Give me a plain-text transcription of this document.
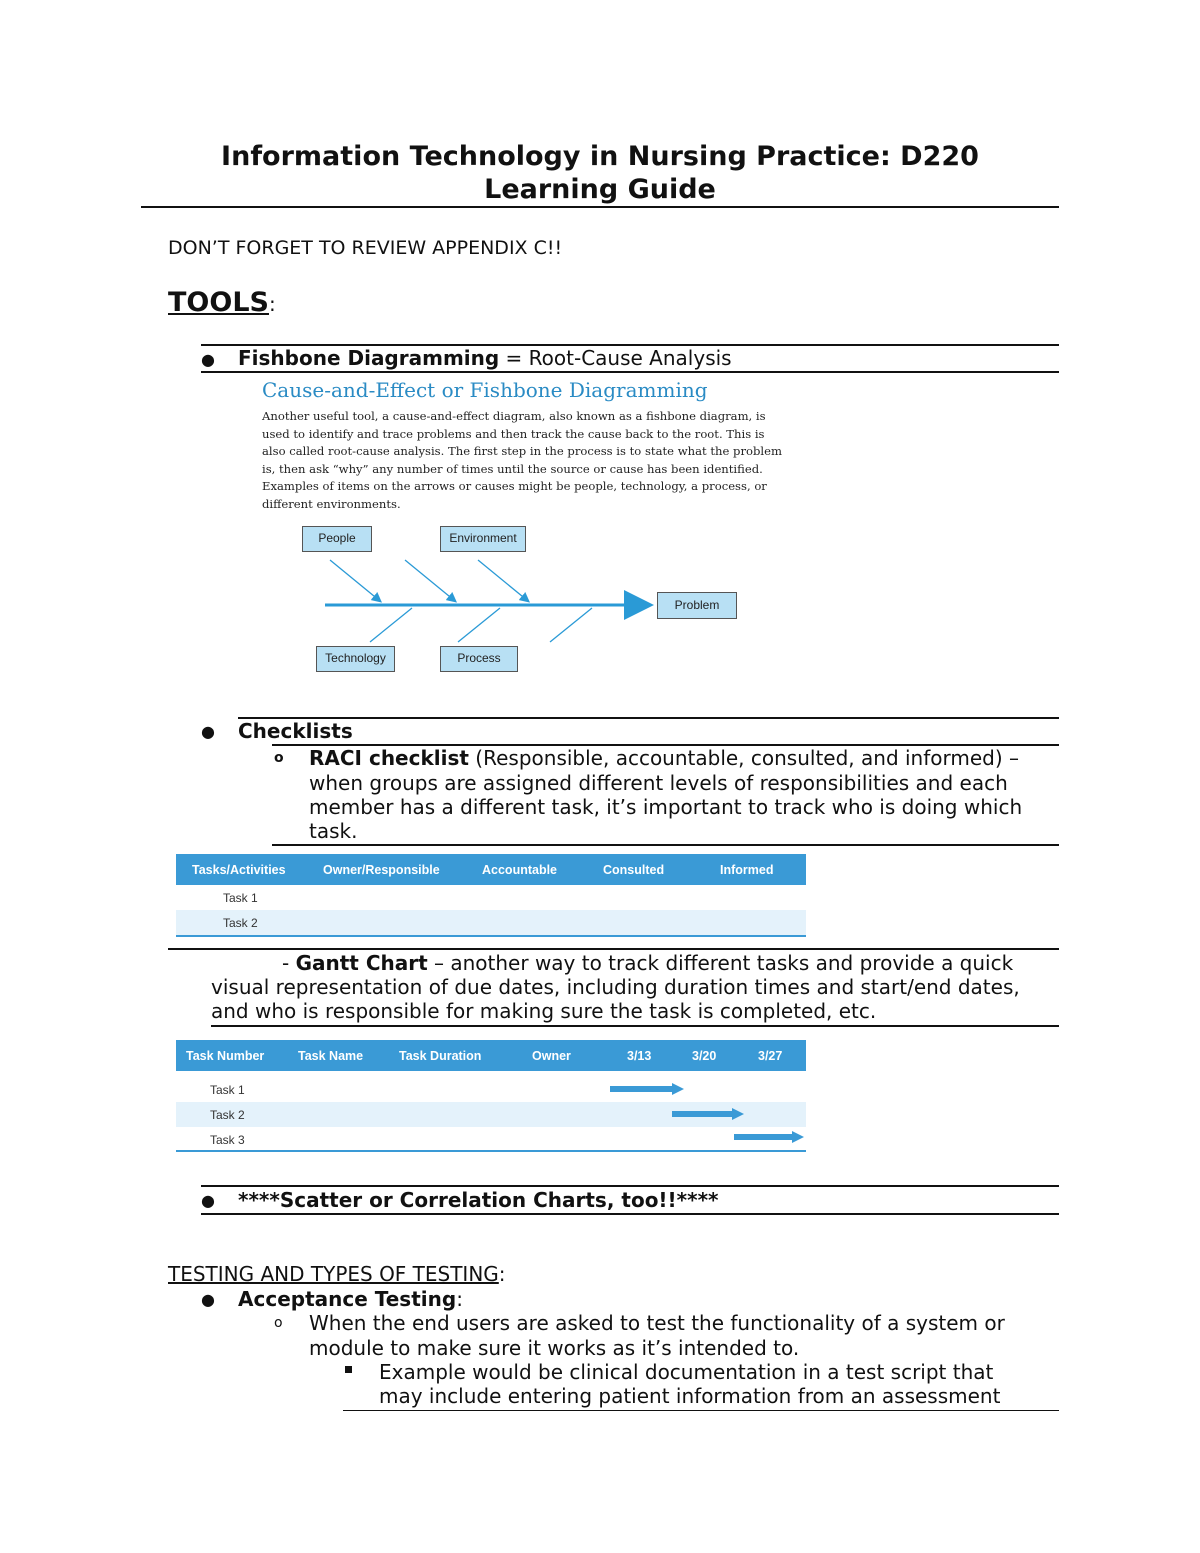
Information Technology in Nursing Practice: D220
Learning Guide
DON’T FORGET TO REVIEW APPENDIX C!!
TOOLS:
● Fishbone Diagramming = Root-Cause Analysis
Cause-and-Effect or Fishbone Diagramming
Another useful tool, a cause-and-effect diagram, also known as a fishbone diagram, is used to identify and trace problems and then track the cause back to the root. This is also called root-cause analysis. The first step in the process is to state what the problem is, then ask “why” any number of times until the source or cause has been identified. Examples of items on the arrows or causes might be people, technology, a process, or different environments.
People	Environment
Problem
Technology	Process
● Checklists
o RACI checklist (Responsible, accountable, consulted, and informed) –
when groups are assigned different levels of responsibilities and each
member has a different task, it’s important to track who is doing which
task.
Tasks/Activities	Owner/Responsible	Accountable	Consulted	Informed
Task 1
Task 2
- Gantt Chart – another way to track different tasks and provide a quick
visual representation of due dates, including duration times and start/end dates,
and who is responsible for making sure the task is completed, etc.
Task Number	Task Name	Task Duration	Owner	3/13	3/20	3/27
Task 1
Task 2
Task 3
● ****Scatter or Correlation Charts, too!!****
TESTING AND TYPES OF TESTING:
● Acceptance Testing:
o When the end users are asked to test the functionality of a system or
module to make sure it works as it’s intended to.
Example would be clinical documentation in a test script that
may include entering patient information from an assessment
